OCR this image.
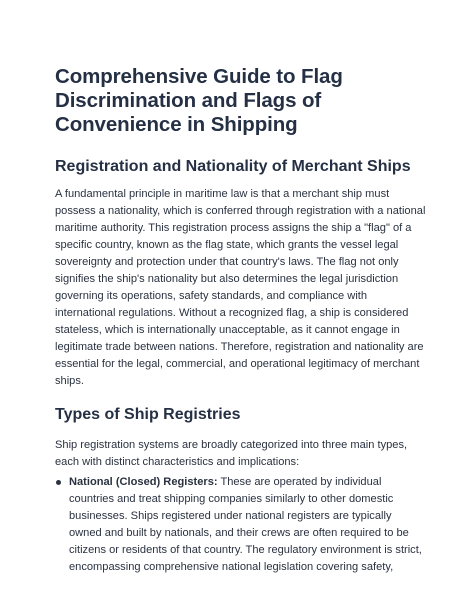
Comprehensive Guide to Flag Discrimination and Flags of Convenience in Shipping
Registration and Nationality of Merchant Ships

A fundamental principle in maritime law is that a merchant ship must possess a nationality, which is conferred through registration with a national maritime authority. This registration process assigns the ship a "flag" of a specific country, known as the flag state, which grants the vessel legal sovereignty and protection under that country's laws. The flag not only signifies the ship's nationality but also determines the legal jurisdiction governing its operations, safety standards, and compliance with international regulations. Without a recognized flag, a ship is considered stateless, which is internationally unacceptable, as it cannot engage in legitimate trade between nations. Therefore, registration and nationality are essential for the legal, commercial, and operational legitimacy of merchant ships.

Types of Ship Registries

Ship registration systems are broadly categorized into three main types, each with distinct characteristics and implications:

National (Closed) Registers: These are operated by individual countries and treat shipping companies similarly to other domestic businesses. Ships registered under national registers are typically owned and built by nationals, and their crews are often required to be citizens or residents of that country. The regulatory environment is strict, encompassing comprehensive national legislation covering safety,
